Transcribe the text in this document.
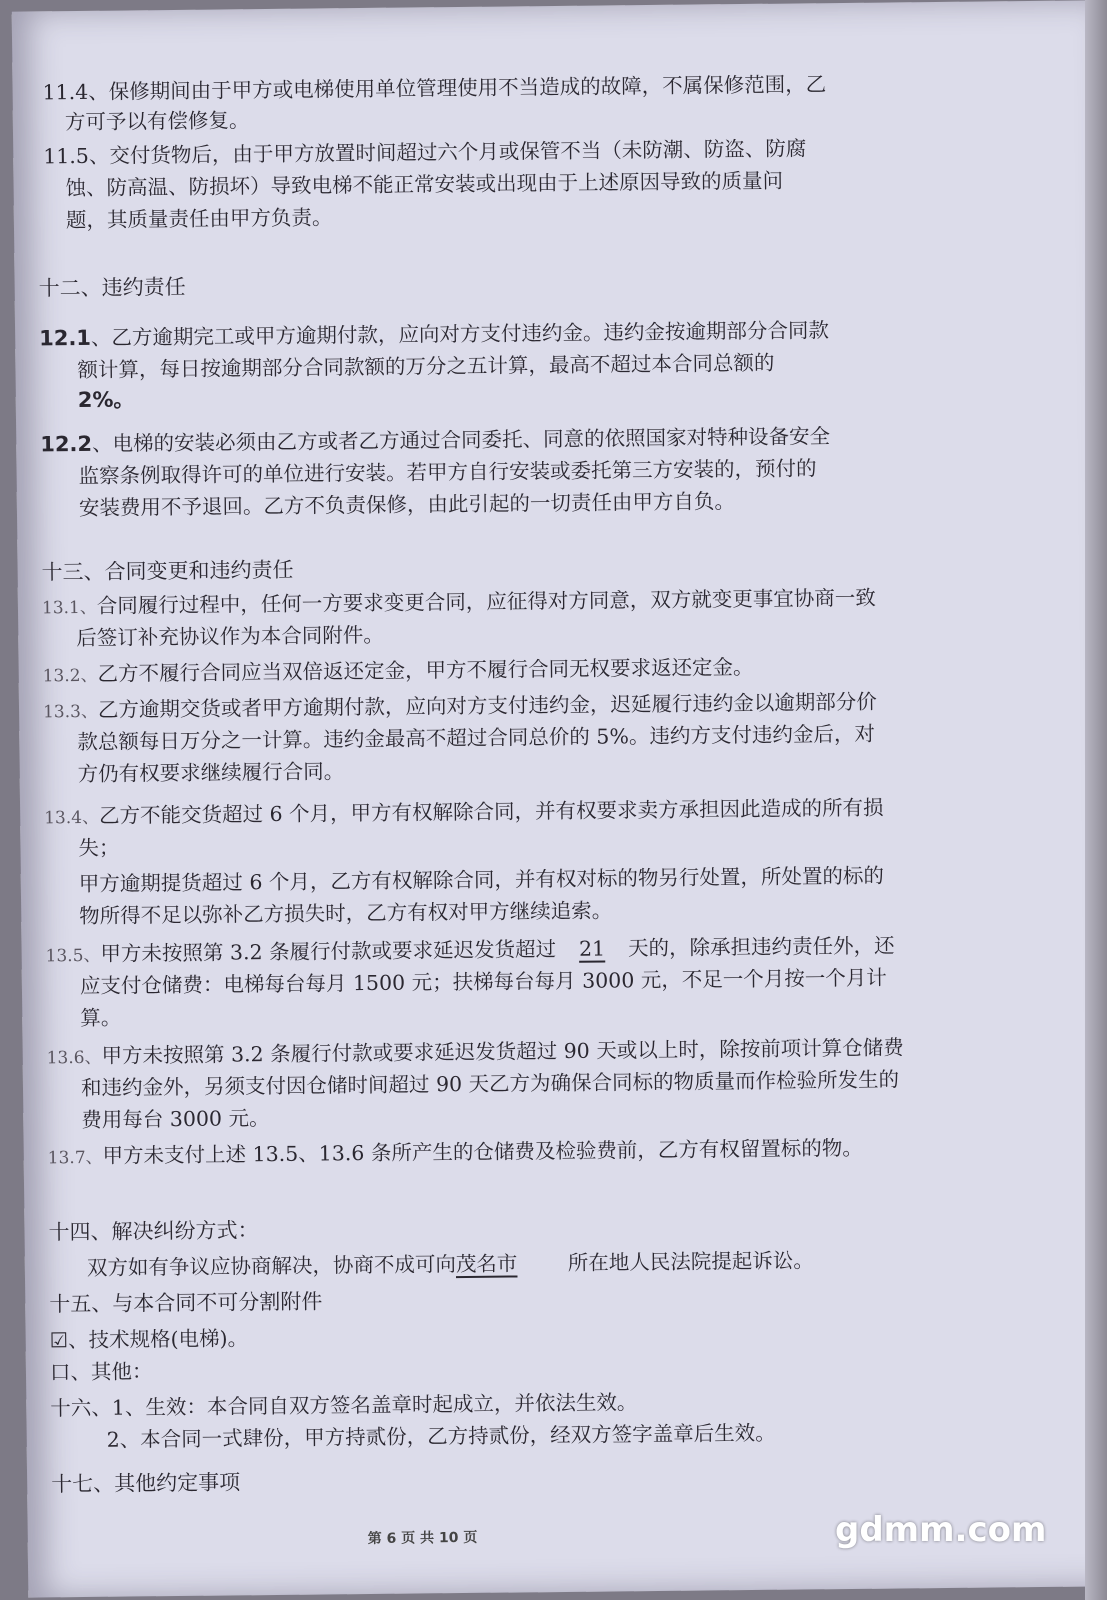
11.4、保修期间由于甲方或电梯使用单位管理使用不当造成的故障，不属保修范围，乙
方可予以有偿修复。
11.5、交付货物后，由于甲方放置时间超过六个月或保管不当（未防潮、防盗、防腐
蚀、防高温、防损坏）导致电梯不能正常安装或出现由于上述原因导致的质量问
题，其质量责任由甲方负责。
十二、违约责任
12.1、乙方逾期完工或甲方逾期付款，应向对方支付违约金。违约金按逾期部分合同款
额计算，每日按逾期部分合同款额的万分之五计算，最高不超过本合同总额的
2%。
12.2、电梯的安装必须由乙方或者乙方通过合同委托、同意的依照国家对特种设备安全
监察条例取得许可的单位进行安装。若甲方自行安装或委托第三方安装的，预付的
安装费用不予退回。乙方不负责保修，由此引起的一切责任由甲方自负。
十三、合同变更和违约责任
13.1、合同履行过程中，任何一方要求变更合同，应征得对方同意，双方就变更事宜协商一致
后签订补充协议作为本合同附件。
13.2、乙方不履行合同应当双倍返还定金，甲方不履行合同无权要求返还定金。
13.3、乙方逾期交货或者甲方逾期付款，应向对方支付违约金，迟延履行违约金以逾期部分价
款总额每日万分之一计算。违约金最高不超过合同总价的 5%。违约方支付违约金后，对
方仍有权要求继续履行合同。
13.4、乙方不能交货超过 6 个月，甲方有权解除合同，并有权要求卖方承担因此造成的所有损
失；
甲方逾期提货超过 6 个月，乙方有权解除合同，并有权对标的物另行处置，所处置的标的
物所得不足以弥补乙方损失时，乙方有权对甲方继续追索。
13.5、甲方未按照第 3.2 条履行付款或要求延迟发货超过 21 天的，除承担违约责任外，还
应支付仓储费：电梯每台每月 1500 元；扶梯每台每月 3000 元，不足一个月按一个月计
算。
13.6、甲方未按照第 3.2 条履行付款或要求延迟发货超过 90 天或以上时，除按前项计算仓储费
和违约金外，另须支付因仓储时间超过 90 天乙方为确保合同标的物质量而作检验所发生的
费用每台 3000 元。
13.7、甲方未支付上述 13.5、13.6 条所产生的仓储费及检验费前，乙方有权留置标的物。
十四、解决纠纷方式：
双方如有争议应协商解决，协商不成可向茂名市 所在地人民法院提起诉讼。
十五、与本合同不可分割附件
☑、技术规格(电梯)。
口、其他：
十六、1、生效：本合同自双方签名盖章时起成立，并依法生效。
2、本合同一式肆份，甲方持贰份，乙方持贰份，经双方签字盖章后生效。
十七、其他约定事项
第 6 页 共 10 页	gdmm.com
